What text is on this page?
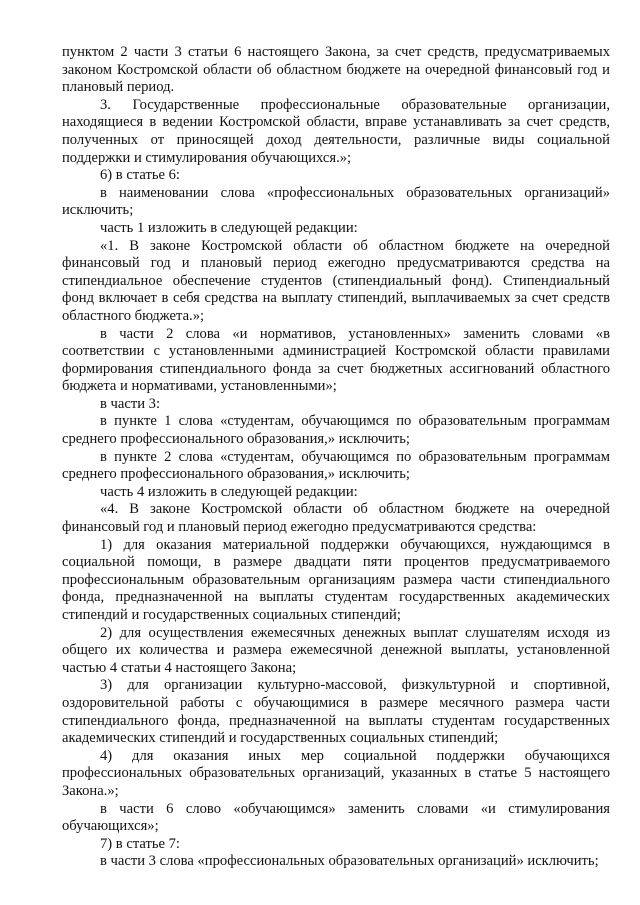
пунктом 2 части 3 статьи 6 настоящего Закона, за счет средств, предусматриваемых законом Костромской области об областном бюджете на очередной финансовый год и плановый период.

3. Государственные профессиональные образовательные организации, находящиеся в ведении Костромской области, вправе устанавливать за счет средств, полученных от приносящей доход деятельности, различные виды социальной поддержки и стимулирования обучающихся.»;

6) в статье 6:

в наименовании слова «профессиональных образовательных организаций» исключить;

часть 1 изложить в следующей редакции:

«1. В законе Костромской области об областном бюджете на очередной финансовый год и плановый период ежегодно предусматриваются средства на стипендиальное обеспечение студентов (стипендиальный фонд). Стипендиальный фонд включает в себя средства на выплату стипендий, выплачиваемых за счет средств областного бюджета.»;

в части 2 слова «и нормативов, установленных» заменить словами «в соответствии с установленными администрацией Костромской области правилами формирования стипендиального фонда за счет бюджетных ассигнований областного бюджета и нормативами, установленными»;

в части 3:

в пункте 1 слова «студентам, обучающимся по образовательным программам среднего профессионального образования,» исключить;

в пункте 2 слова «студентам, обучающимся по образовательным программам среднего профессионального образования,» исключить;

часть 4 изложить в следующей редакции:

«4. В законе Костромской области об областном бюджете на очередной финансовый год и плановый период ежегодно предусматриваются средства:

1) для оказания материальной поддержки обучающихся, нуждающимся в социальной помощи, в размере двадцати пяти процентов предусматриваемого профессиональным образовательным организациям размера части стипендиального фонда, предназначенной на выплаты студентам государственных академических стипендий и государственных социальных стипендий;

2) для осуществления ежемесячных денежных выплат слушателям исходя из общего их количества и размера ежемесячной денежной выплаты, установленной частью 4 статьи 4 настоящего Закона;

3) для организации культурно-массовой, физкультурной и спортивной, оздоровительной работы с обучающимися в размере месячного размера части стипендиального фонда, предназначенной на выплаты студентам государственных академических стипендий и государственных социальных стипендий;

4) для оказания иных мер социальной поддержки обучающихся профессиональных образовательных организаций, указанных в статье 5 настоящего Закона.»;

в части 6 слово «обучающимся» заменить словами «и стимулирования обучающихся»;

7) в статье 7:

в части 3 слова «профессиональных образовательных организаций» исключить;
